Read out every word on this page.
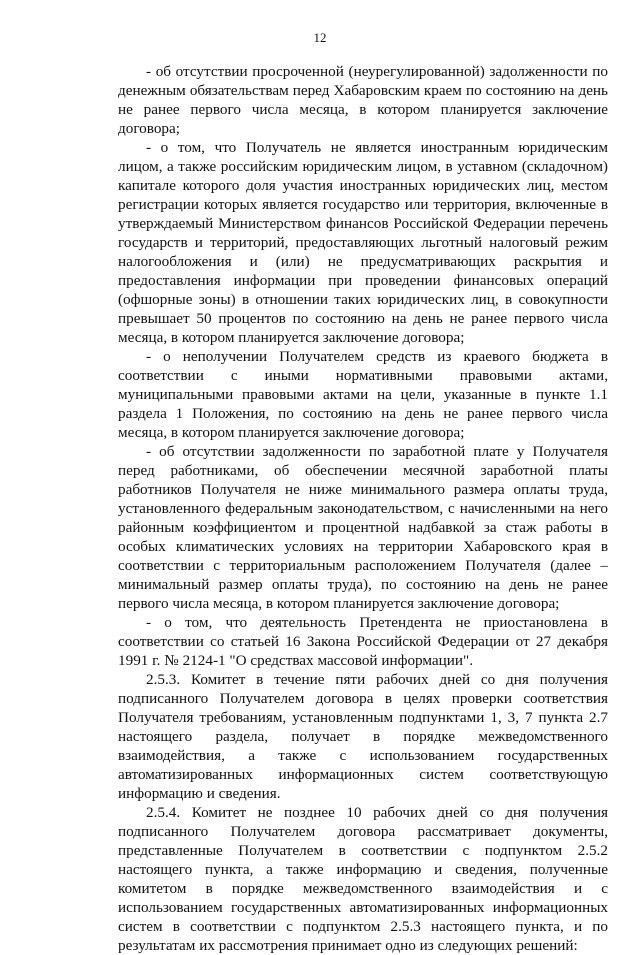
12

- об отсутствии просроченной (неурегулированной) задолженности по денежным обязательствам перед Хабаровским краем по состоянию на день не ранее первого числа месяца, в котором планируется заключение договора;

- о том, что Получатель не является иностранным юридическим лицом, а также российским юридическим лицом, в уставном (складочном) капитале которого доля участия иностранных юридических лиц, местом регистрации которых является государство или территория, включенные в утверждаемый Министерством финансов Российской Федерации перечень государств и территорий, предоставляющих льготный налоговый режим налогообложения и (или) не предусматривающих раскрытия и предоставления информации при проведении финансовых операций (офшорные зоны) в отношении таких юридических лиц, в совокупности превышает 50 процентов по состоянию на день не ранее первого числа месяца, в котором планируется заключение договора;

- о неполучении Получателем средств из краевого бюджета в соответствии с иными нормативными правовыми актами, муниципальными правовыми актами на цели, указанные в пункте 1.1 раздела 1 Положения, по состоянию на день не ранее первого числа месяца, в котором планируется заключение договора;

- об отсутствии задолженности по заработной плате у Получателя перед работниками, об обеспечении месячной заработной платы работников Получателя не ниже минимального размера оплаты труда, установленного федеральным законодательством, с начисленными на него районным коэффициентом и процентной надбавкой за стаж работы в особых климатических условиях на территории Хабаровского края в соответствии с территориальным расположением Получателя (далее – минимальный размер оплаты труда), по состоянию на день не ранее первого числа месяца, в котором планируется заключение договора;

- о том, что деятельность Претендента не приостановлена в соответствии со статьей 16 Закона Российской Федерации от 27 декабря 1991 г. № 2124-1 "О средствах массовой информации".

2.5.3. Комитет в течение пяти рабочих дней со дня получения подписанного Получателем договора в целях проверки соответствия Получателя требованиям, установленным подпунктами 1, 3, 7 пункта 2.7 настоящего раздела, получает в порядке межведомственного взаимодействия, а также с использованием государственных автоматизированных информационных систем соответствующую информацию и сведения.

2.5.4. Комитет не позднее 10 рабочих дней со дня получения подписанного Получателем договора рассматривает документы, представленные Получателем в соответствии с подпунктом 2.5.2 настоящего пункта, а также информацию и сведения, полученные комитетом в порядке межведомственного взаимодействия и с использованием государственных автоматизированных информационных систем в соответствии с подпунктом 2.5.3 настоящего пункта, и по результатам их рассмотрения принимает одно из следующих решений:
